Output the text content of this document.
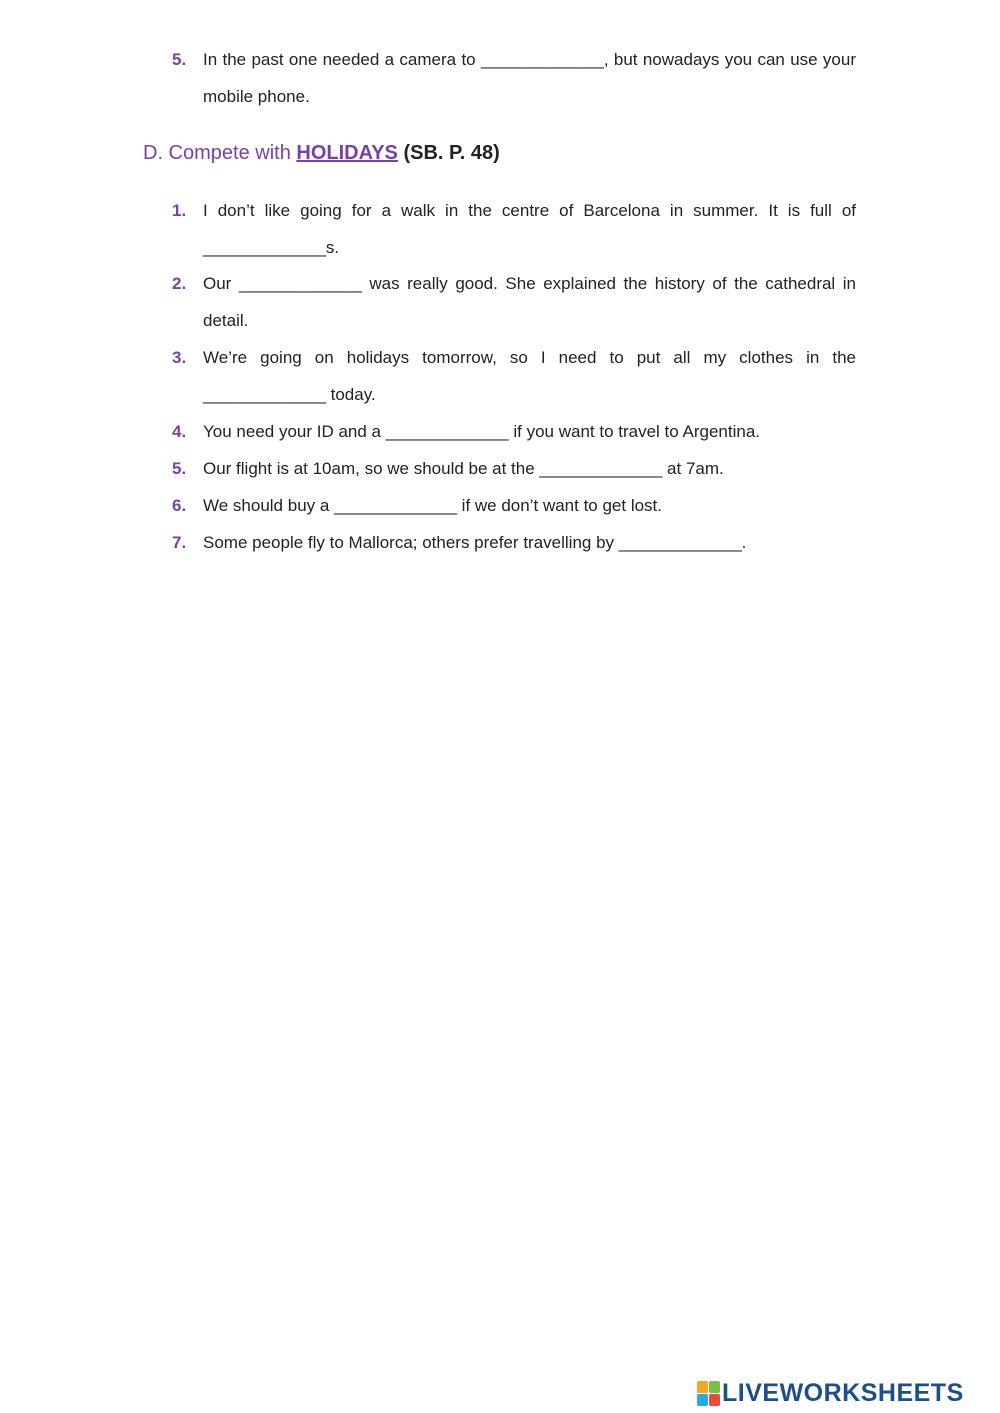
5. In the past one needed a camera to _____________, but nowadays you can use your mobile phone.
D. Compete with HOLIDAYS (SB. P. 48)
1. I don’t like going for a walk in the centre of Barcelona in summer. It is full of _____________s.
2. Our _____________ was really good. She explained the history of the cathedral in detail.
3. We’re going on holidays tomorrow, so I need to put all my clothes in the _____________ today.
4. You need your ID and a _____________ if you want to travel to Argentina.
5. Our flight is at 10am, so we should be at the _____________ at 7am.
6. We should buy a _____________ if we don’t want to get lost.
7. Some people fly to Mallorca; others prefer travelling by _____________.
LIVEWORKSHEETS
